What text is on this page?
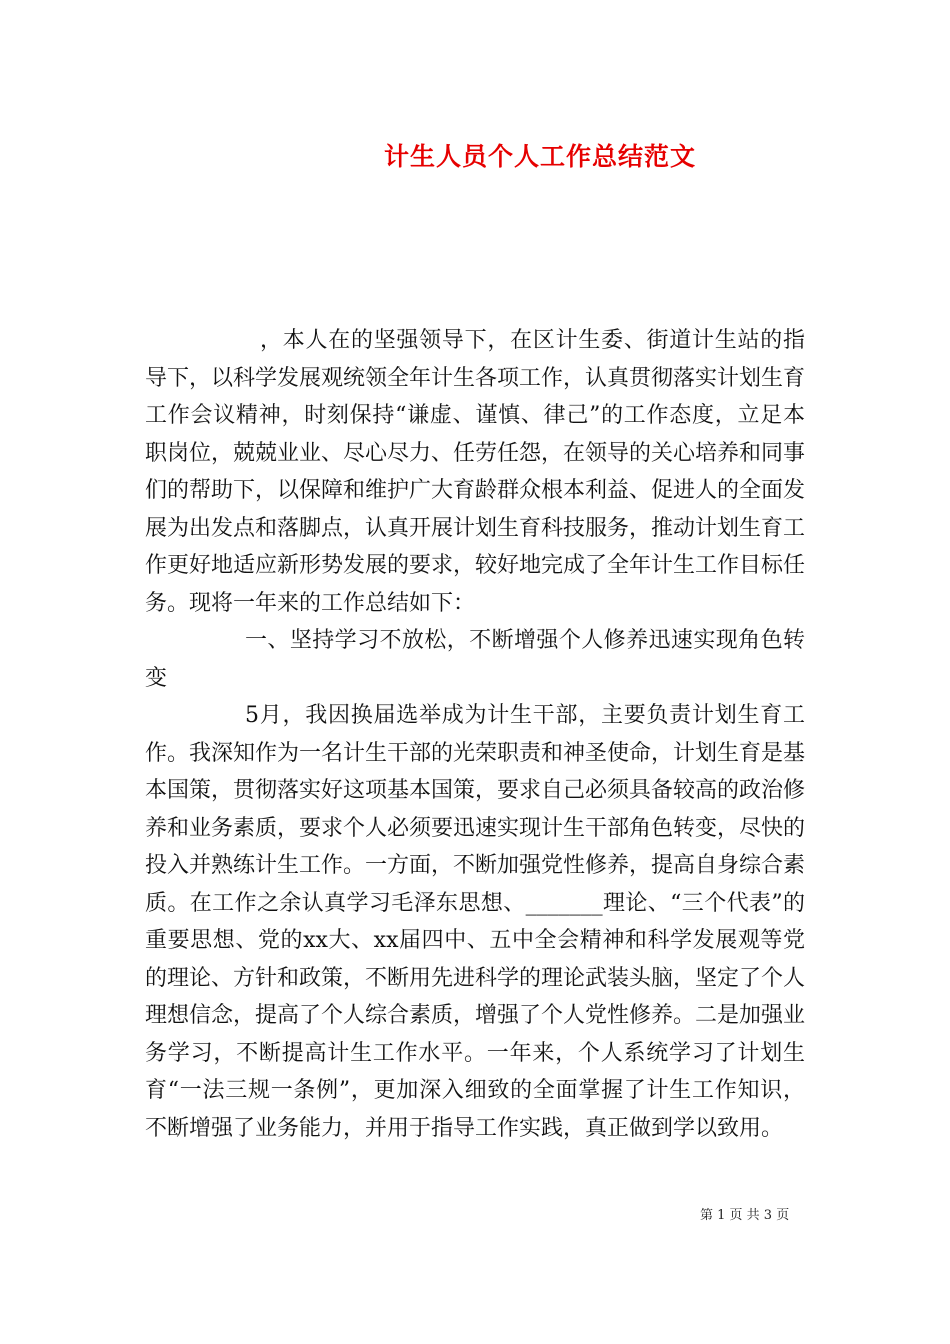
计生人员个人工作总结范文

，本人在的坚强领导下，在区计生委、街道计生站的指导下，以科学发展观统领全年计生各项工作，认真贯彻落实计划生育工作会议精神，时刻保持“谦虚、谨慎、律己”的工作态度，立足本职岗位，兢兢业业、尽心尽力、任劳任怨，在领导的关心培养和同事们的帮助下，以保障和维护广大育龄群众根本利益、促进人的全面发展为出发点和落脚点，认真开展计划生育科技服务，推动计划生育工作更好地适应新形势发展的要求，较好地完成了全年计生工作目标任务。现将一年来的工作总结如下：

一、坚持学习不放松，不断增强个人修养迅速实现角色转变

5月，我因换届选举成为计生干部，主要负责计划生育工作。我深知作为一名计生干部的光荣职责和神圣使命，计划生育是基本国策，贯彻落实好这项基本国策，要求自己必须具备较高的政治修养和业务素质，要求个人必须要迅速实现计生干部角色转变，尽快的投入并熟练计生工作。一方面，不断加强党性修养，提高自身综合素质。在工作之余认真学习毛泽东思想、_______理论、“三个代表”的重要思想、党的xx大、xx届四中、五中全会精神和科学发展观等党的理论、方针和政策，不断用先进科学的理论武装头脑，坚定了个人理想信念，提高了个人综合素质，增强了个人党性修养。二是加强业务学习，不断提高计生工作水平。一年来，个人系统学习了计划生育“一法三规一条例”，更加深入细致的全面掌握了计生工作知识，不断增强了业务能力，并用于指导工作实践，真正做到学以致用。

第 1 页 共 3 页
